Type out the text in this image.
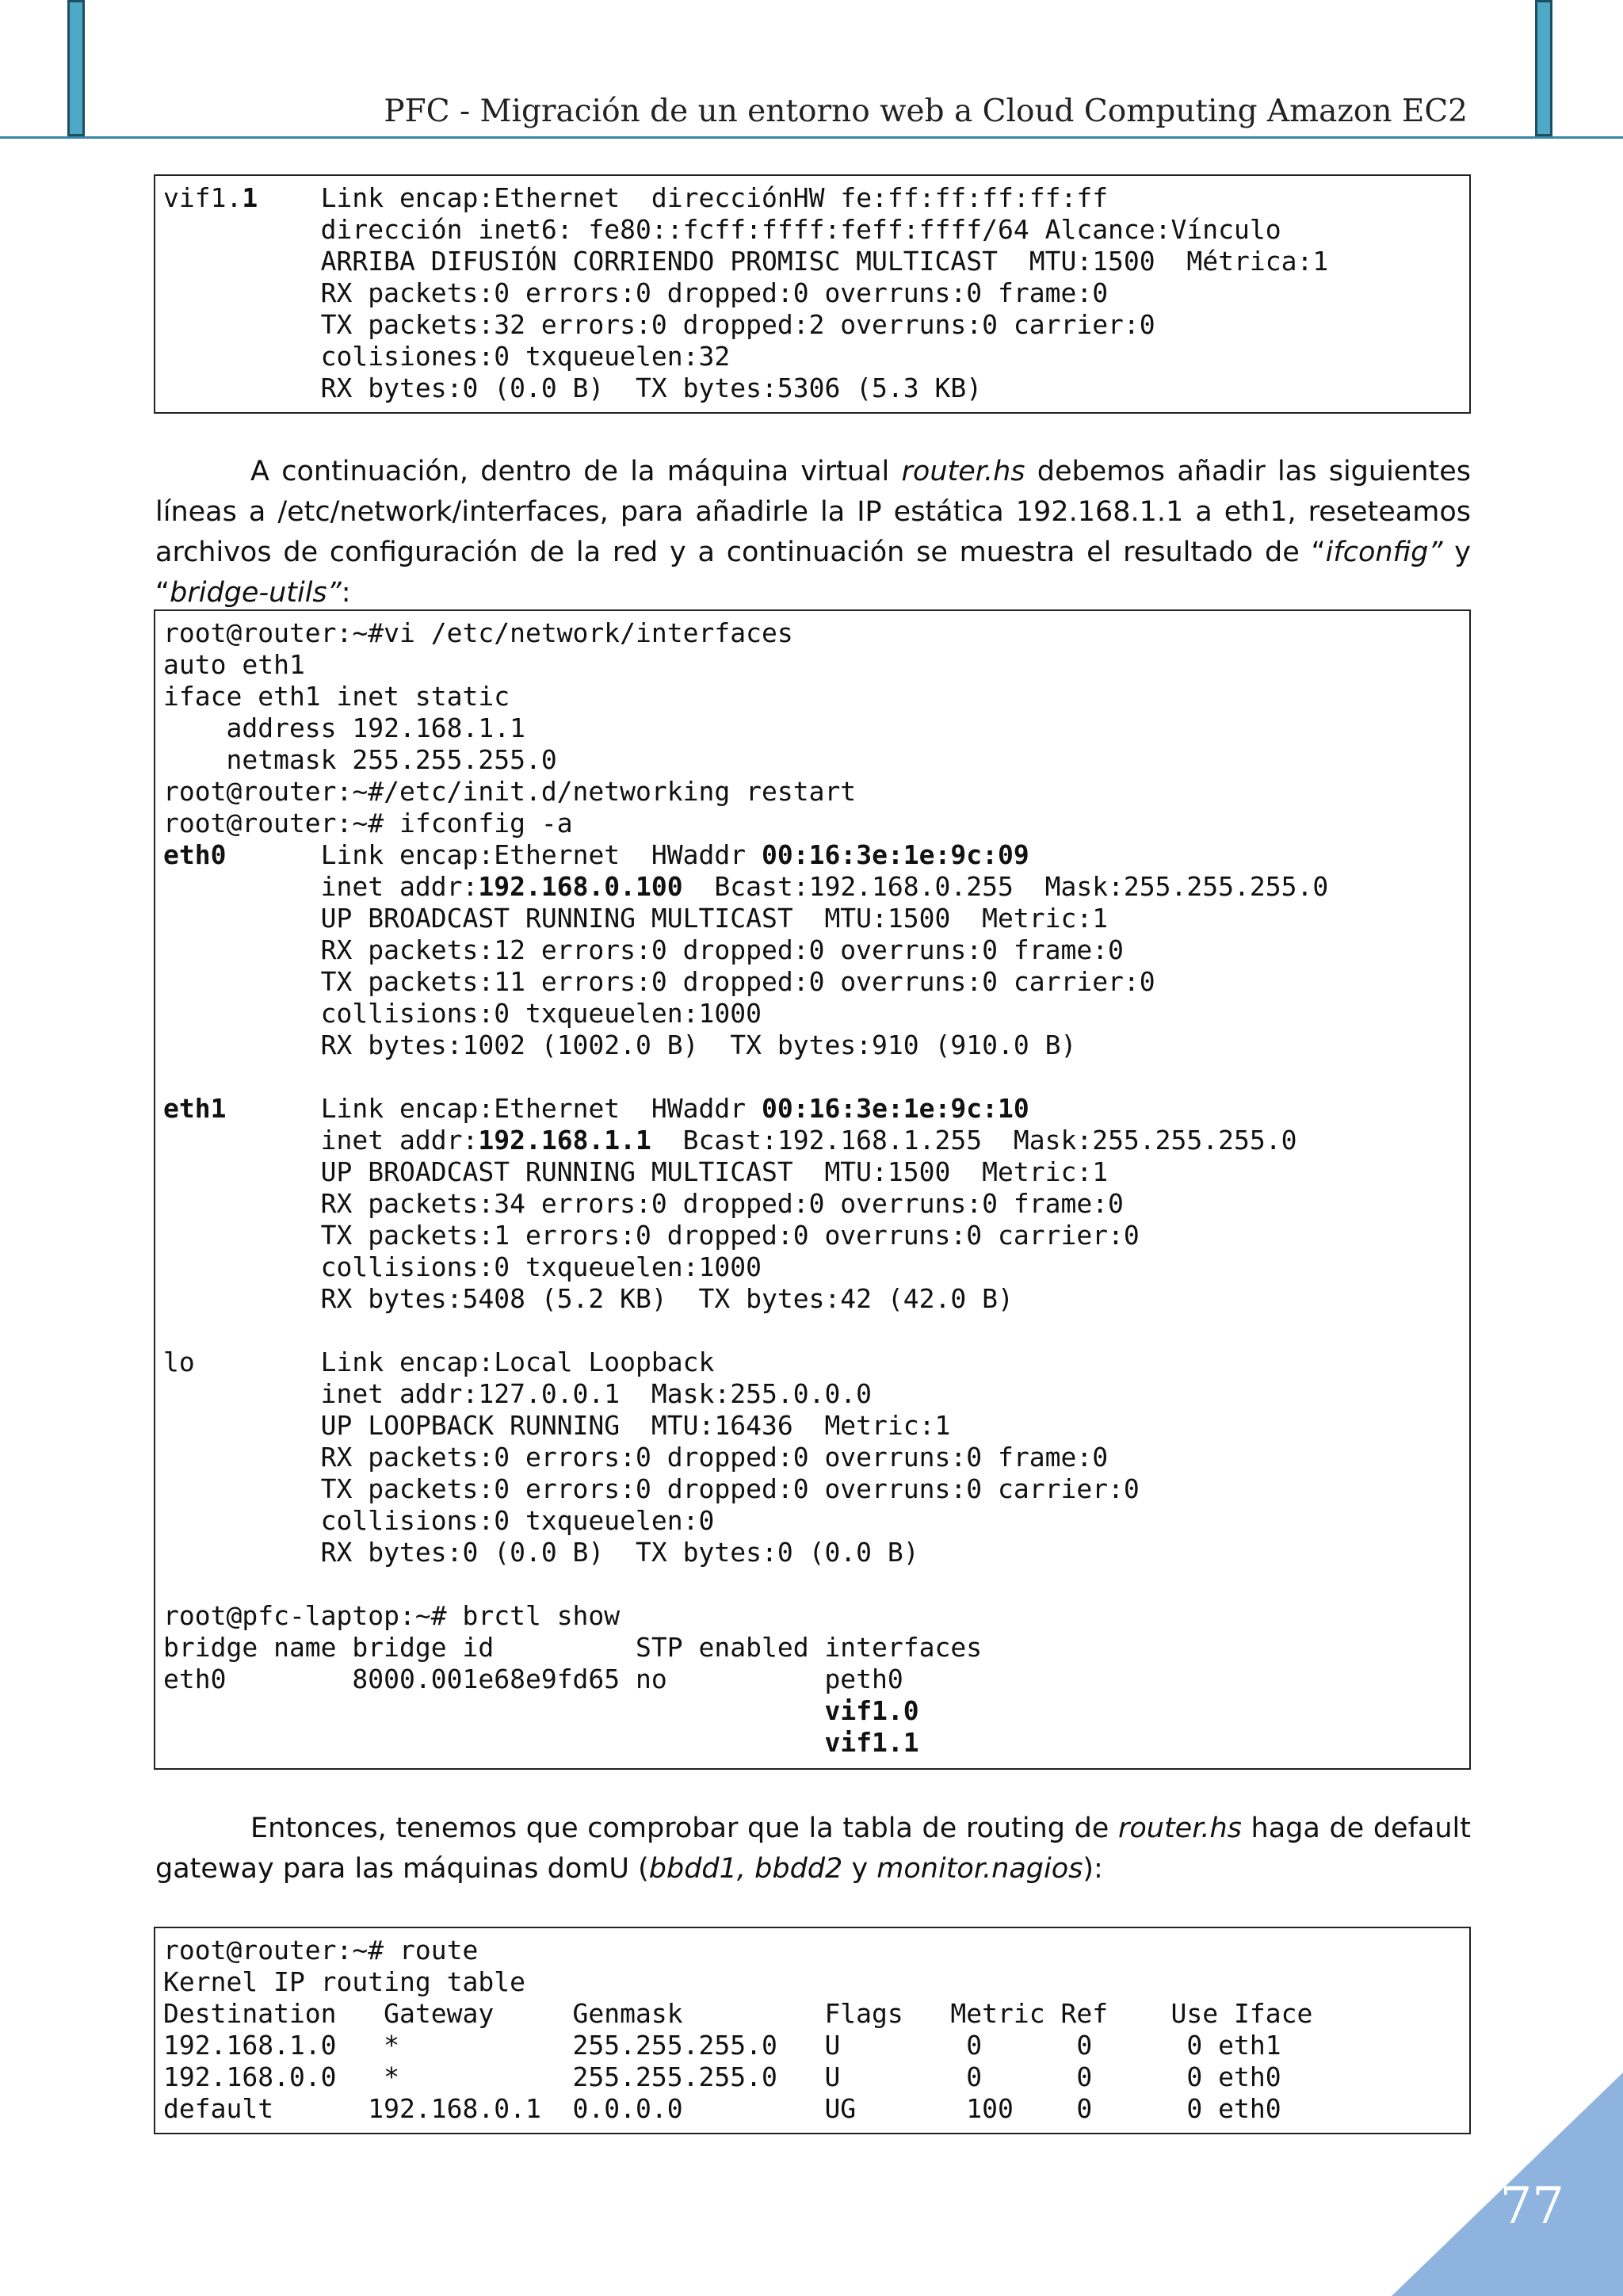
PFC - Migración de un entorno web a Cloud Computing Amazon EC2
vif1.1    Link encap:Ethernet  direcciónHW fe:ff:ff:ff:ff:ff
dirección inet6: fe80::fcff:ffff:feff:ffff/64 Alcance:Vínculo
ARRIBA DIFUSIÓN CORRIENDO PROMISC MULTICAST  MTU:1500  Métrica:1
RX packets:0 errors:0 dropped:0 overruns:0 frame:0
TX packets:32 errors:0 dropped:2 overruns:0 carrier:0
colisiones:0 txqueuelen:32
RX bytes:0 (0.0 B)  TX bytes:5306 (5.3 KB)
A continuación, dentro de la máquina virtual router.hs debemos añadir las siguientes líneas a /etc/network/interfaces, para añadirle la IP estática 192.168.1.1 a eth1, reseteamos archivos de configuración de la red y a continuación se muestra el resultado de “ifconfig” y “bridge-utils”:
root@router:~#vi /etc/network/interfaces
auto eth1
iface eth1 inet static
address 192.168.1.1
netmask 255.255.255.0
root@router:~#/etc/init.d/networking restart
root@router:~# ifconfig -a
eth0      Link encap:Ethernet  HWaddr 00:16:3e:1e:9c:09
inet addr:192.168.0.100  Bcast:192.168.0.255  Mask:255.255.255.0
UP BROADCAST RUNNING MULTICAST  MTU:1500  Metric:1
RX packets:12 errors:0 dropped:0 overruns:0 frame:0
TX packets:11 errors:0 dropped:0 overruns:0 carrier:0
collisions:0 txqueuelen:1000
RX bytes:1002 (1002.0 B)  TX bytes:910 (910.0 B)

eth1      Link encap:Ethernet  HWaddr 00:16:3e:1e:9c:10
inet addr:192.168.1.1  Bcast:192.168.1.255  Mask:255.255.255.0
UP BROADCAST RUNNING MULTICAST  MTU:1500  Metric:1
RX packets:34 errors:0 dropped:0 overruns:0 frame:0
TX packets:1 errors:0 dropped:0 overruns:0 carrier:0
collisions:0 txqueuelen:1000
RX bytes:5408 (5.2 KB)  TX bytes:42 (42.0 B)

lo        Link encap:Local Loopback
inet addr:127.0.0.1  Mask:255.0.0.0
UP LOOPBACK RUNNING  MTU:16436  Metric:1
RX packets:0 errors:0 dropped:0 overruns:0 frame:0
TX packets:0 errors:0 dropped:0 overruns:0 carrier:0
collisions:0 txqueuelen:0
RX bytes:0 (0.0 B)  TX bytes:0 (0.0 B)

root@pfc-laptop:~# brctl show
bridge name bridge id         STP enabled interfaces
eth0        8000.001e68e9fd65 no          peth0
vif1.0
vif1.1
Entonces, tenemos que comprobar que la tabla de routing de router.hs haga de default gateway para las máquinas domU (bbdd1, bbdd2 y monitor.nagios):
root@router:~# route
Kernel IP routing table
Destination   Gateway     Genmask         Flags   Metric Ref    Use Iface
192.168.1.0   *           255.255.255.0   U        0      0      0 eth1
192.168.0.0   *           255.255.255.0   U        0      0      0 eth0
default      192.168.0.1  0.0.0.0         UG       100    0      0 eth0
77
